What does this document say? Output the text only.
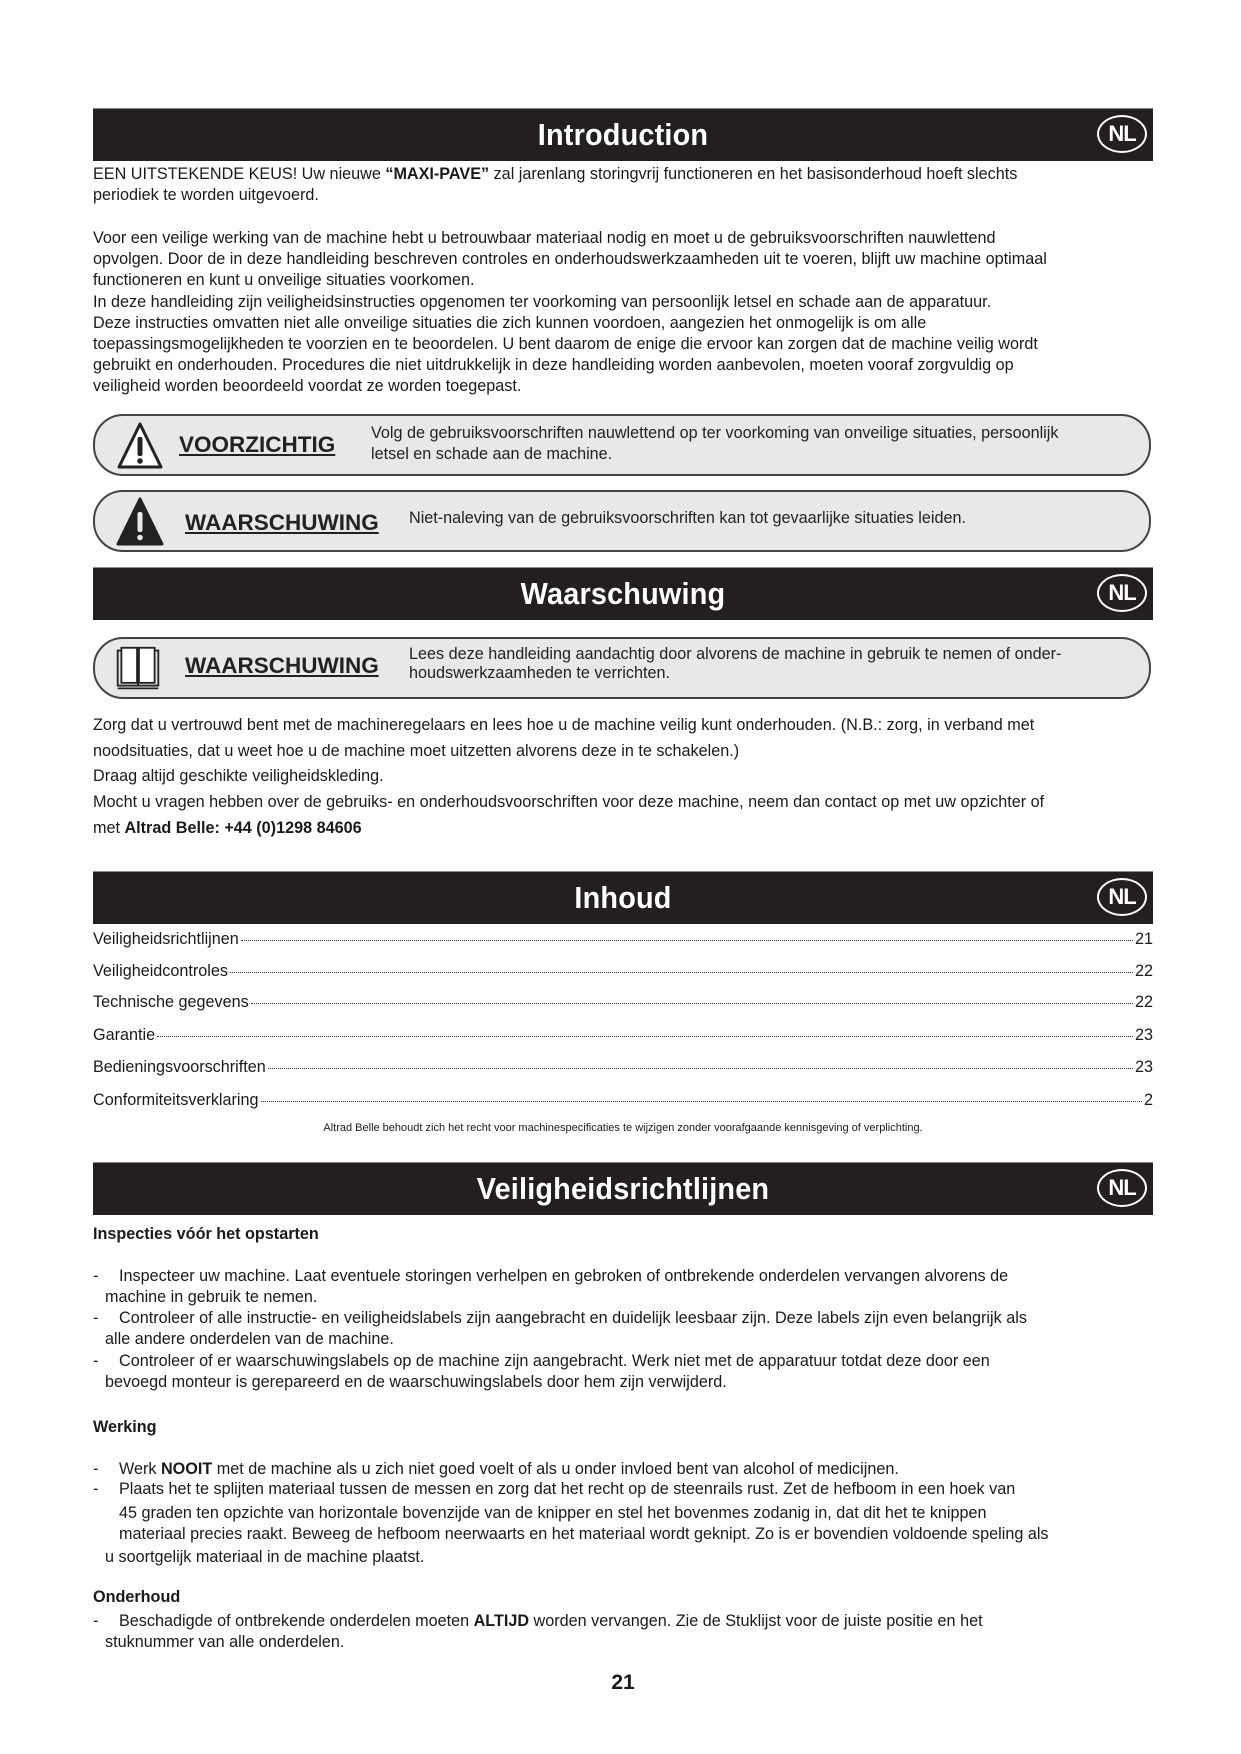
Introduction	NL

EEN UITSTEKENDE KEUS! Uw nieuwe “MAXI-PAVE” zal jarenlang storingvrij functioneren en het basisonderhoud hoeft slechts

periodiek te worden uitgevoerd.

Voor een veilige werking van de machine hebt u betrouwbaar materiaal nodig en moet u de gebruiksvoorschriften nauwlettend

opvolgen. Door de in deze handleiding beschreven controles en onderhoudswerkzaamheden uit te voeren, blijft uw machine optimaal

functioneren en kunt u onveilige situaties voorkomen.

In deze handleiding zijn veiligheidsinstructies opgenomen ter voorkoming van persoonlijk letsel en schade aan de apparatuur.

Deze instructies omvatten niet alle onveilige situaties die zich kunnen voordoen, aangezien het onmogelijk is om alle

toepassingsmogelijkheden te voorzien en te beoordelen. U bent daarom de enige die ervoor kan zorgen dat de machine veilig wordt

gebruikt en onderhouden. Procedures die niet uitdrukkelijk in deze handleiding worden aanbevolen, moeten vooraf zorgvuldig op

veiligheid worden beoordeeld voordat ze worden toegepast.

VOORZICHTIG Volg de gebruiksvoorschriften nauwlettend op ter voorkoming van onveilige situaties, persoonlijk
letsel en schade aan de machine.
WAARSCHUWING Niet-naleving van de gebruiksvoorschriften kan tot gevaarlijke situaties leiden.
Waarschuwing	NL
WAARSCHUWING Lees deze handleiding aandachtig door alvorens de machine in gebruik te nemen of onder-
houdswerkzaamheden te verrichten.

Zorg dat u vertrouwd bent met de machineregelaars en lees hoe u de machine veilig kunt onderhouden. (N.B.: zorg, in verband met

noodsituaties, dat u weet hoe u de machine moet uitzetten alvorens deze in te schakelen.)

Draag altijd geschikte veiligheidskleding.

Mocht u vragen hebben over de gebruiks- en onderhoudsvoorschriften voor deze machine, neem dan contact op met uw opzichter of

met Altrad Belle: +44 (0)1298 84606

Inhoud	NL
Veiligheidsrichtlijnen	21
Veiligheidcontroles	22
Technische gegevens	22
Garantie	23
Bedieningsvoorschriften	23
Conformiteitsverklaring	2
Altrad Belle behoudt zich het recht voor machinespecificaties te wijzigen zonder voorafgaande kennisgeving of verplichting.
Veiligheidsrichtlijnen	NL
Inspecties vóór het opstarten
-	Inspecteer uw machine. Laat eventuele storingen verhelpen en gebroken of ontbrekende onderdelen vervangen alvorens de
machine in gebruik te nemen.
-	Controleer of alle instructie- en veiligheidslabels zijn aangebracht en duidelijk leesbaar zijn. Deze labels zijn even belangrijk als
alle andere onderdelen van de machine.
-	Controleer of er waarschuwingslabels op de machine zijn aangebracht. Werk niet met de apparatuur totdat deze door een
bevoegd monteur is gerepareerd en de waarschuwingslabels door hem zijn verwijderd.
Werking
-	Werk NOOIT met de machine als u zich niet goed voelt of als u onder invloed bent van alcohol of medicijnen.
-	Plaats het te splijten materiaal tussen de messen en zorg dat het recht op de steenrails rust. Zet de hefboom in een hoek van
45 graden ten opzichte van horizontale bovenzijde van de knipper en stel het bovenmes zodanig in, dat dit het te knippen
materiaal precies raakt. Beweeg de hefboom neerwaarts en het materiaal wordt geknipt. Zo is er bovendien voldoende speling als
u soortgelijk materiaal in de machine plaatst.
Onderhoud
-	Beschadigde of ontbrekende onderdelen moeten ALTIJD worden vervangen. Zie de Stuklijst voor de juiste positie en het
stuknummer van alle onderdelen.
21
